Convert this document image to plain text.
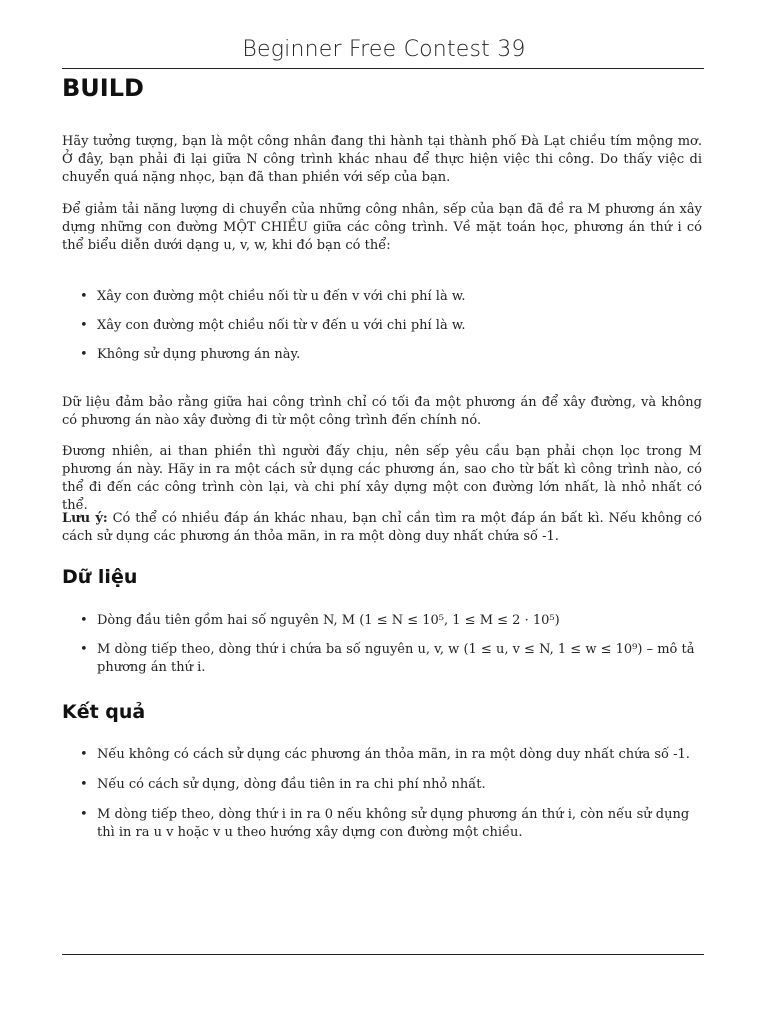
Beginner Free Contest 39
BUILD
Hãy tưởng tượng, bạn là một công nhân đang thi hành tại thành phố Đà Lạt chiều tím mộng mơ. Ở đây, bạn phải đi lại giữa N công trình khác nhau để thực hiện việc thi công. Do thấy việc di chuyển quá nặng nhọc, bạn đã than phiền với sếp của bạn.
Để giảm tải năng lượng di chuyển của những công nhân, sếp của bạn đã đề ra M phương án xây dựng những con đường MỘT CHIỀU giữa các công trình. Về mặt toán học, phương án thứ i có thể biểu diễn dưới dạng u, v, w, khi đó bạn có thể:
• Xây con đường một chiều nối từ u đến v với chi phí là w.
• Xây con đường một chiều nối từ v đến u với chi phí là w.
• Không sử dụng phương án này.
Dữ liệu đảm bảo rằng giữa hai công trình chỉ có tối đa một phương án để xây đường, và không có phương án nào xây đường đi từ một công trình đến chính nó.
Đương nhiên, ai than phiền thì người đấy chịu, nên sếp yêu cầu bạn phải chọn lọc trong M phương án này. Hãy in ra một cách sử dụng các phương án, sao cho từ bất kì công trình nào, có thể đi đến các công trình còn lại, và chi phí xây dựng một con đường lớn nhất, là nhỏ nhất có thể.
Lưu ý: Có thể có nhiều đáp án khác nhau, bạn chỉ cần tìm ra một đáp án bất kì. Nếu không có cách sử dụng các phương án thỏa mãn, in ra một dòng duy nhất chứa số -1.
Dữ liệu
• Dòng đầu tiên gồm hai số nguyên N, M (1 ≤ N ≤ 10⁵, 1 ≤ M ≤ 2 · 10⁵)
• M dòng tiếp theo, dòng thứ i chứa ba số nguyên u, v, w (1 ≤ u, v ≤ N, 1 ≤ w ≤ 10⁹) – mô tả phương án thứ i.
Kết quả
• Nếu không có cách sử dụng các phương án thỏa mãn, in ra một dòng duy nhất chứa số -1.
• Nếu có cách sử dụng, dòng đầu tiên in ra chi phí nhỏ nhất.
• M dòng tiếp theo, dòng thứ i in ra 0 nếu không sử dụng phương án thứ i, còn nếu sử dụng thì in ra u v hoặc v u theo hướng xây dựng con đường một chiều.
